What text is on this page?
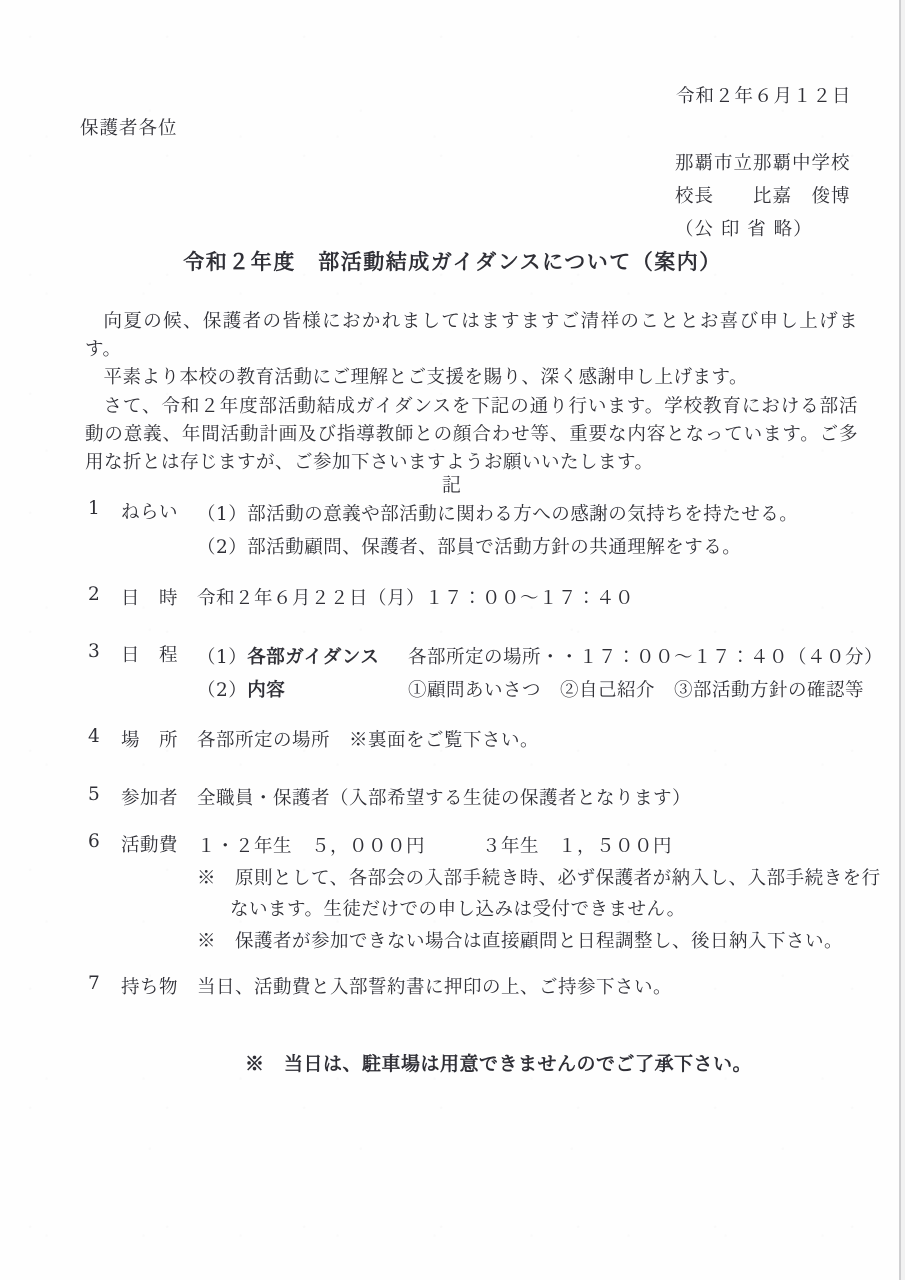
令和２年６月１２日
保護者各位
那覇市立那覇中学校
校長　　比嘉　俊博
（公 印 省 略）
令和２年度　部活動結成ガイダンスについて（案内）

向夏の候、保護者の皆様におかれましてはますますご清祥のこととお喜び申し上げます。

平素より本校の教育活動にご理解とご支援を賜り、深く感謝申し上げます。

さて、令和２年度部活動結成ガイダンスを下記の通り行います。学校教育における部活動の意義、年間活動計画及び指導教師との顔合わせ等、重要な内容となっています。ご多用な折とは存じますが、ご参加下さいますようお願いいたします。

記
1	ねらい	（1）部活動の意義や部活動に関わる方への感謝の気持ちを持たせる。
（2）部活動顧問、保護者、部員で活動方針の共通理解をする。
2	日　時	令和２年６月２２日（月）１７：００～１７：４０
3	日　程	（1）各部ガイダンス 各部所定の場所・・１７：００～１７：４０（４０分）
（2）内容	①顧問あいさつ　②自己紹介　③部活動方針の確認等
4	場　所	各部所定の場所　※裏面をご覧下さい。
5	参加者	全職員・保護者（入部希望する生徒の保護者となります）
6	活動費	１・２年生　５，０００円　　　３年生　１，５００円
※　原則として、各部会の入部手続き時、必ず保護者が納入し、入部手続きを行
ないます。生徒だけでの申し込みは受付できません。
※　保護者が参加できない場合は直接顧問と日程調整し、後日納入下さい。
7	持ち物	当日、活動費と入部誓約書に押印の上、ご持参下さい。
※　当日は、駐車場は用意できませんのでご了承下さい。
